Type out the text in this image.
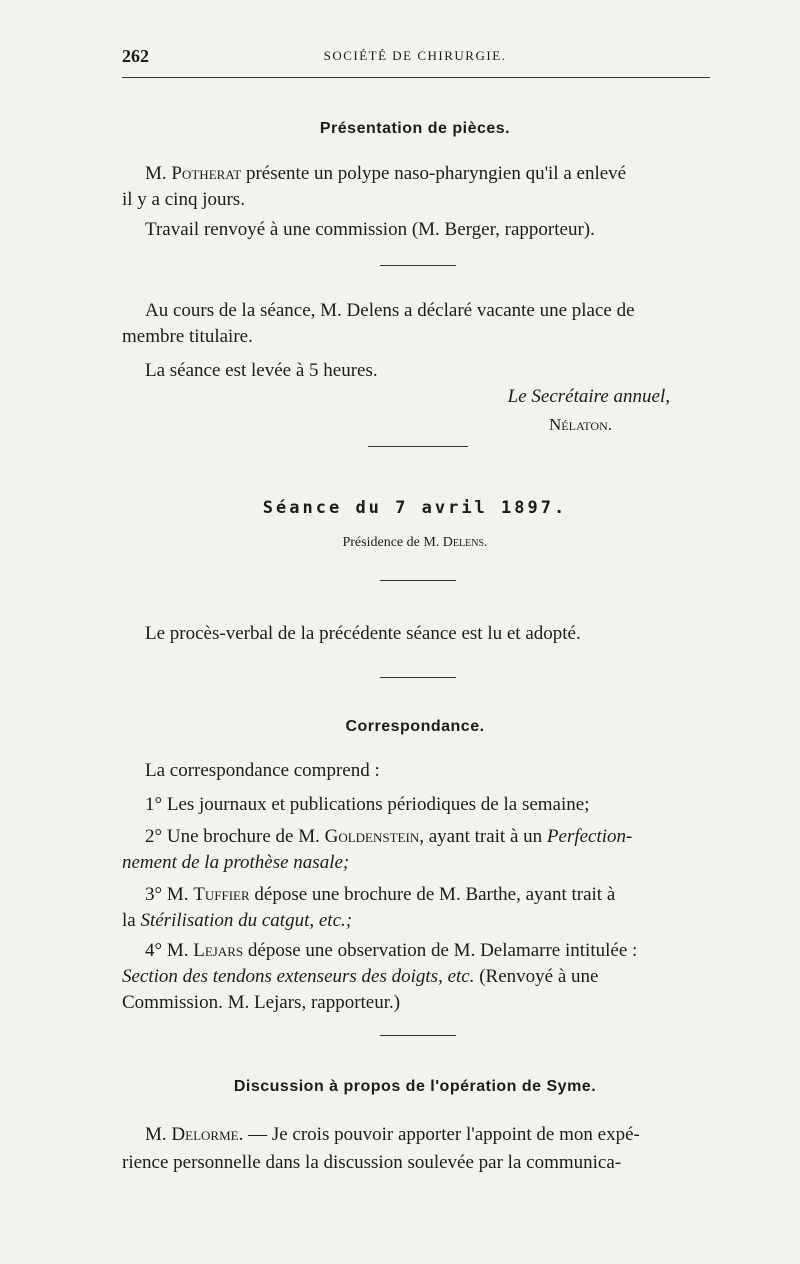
262	SOCIÉTÉ DE CHIRURGIE.
Présentation de pièces.
M. Potherat présente un polype naso-pharyngien qu'il a enlevé
il y a cinq jours.
Travail renvoyé à une commission (M. Berger, rapporteur).
Au cours de la séance, M. Delens a déclaré vacante une place de
membre titulaire.
La séance est levée à 5 heures.
Le Secrétaire annuel,
Nélaton.
Séance du 7 avril 1897.
Présidence de M. Delens.
Le procès-verbal de la précédente séance est lu et adopté.
Correspondance.
La correspondance comprend :
1° Les journaux et publications périodiques de la semaine;
2° Une brochure de M. Goldenstein, ayant trait à un Perfection-
nement de la prothèse nasale;
3° M. Tuffier dépose une brochure de M. Barthe, ayant trait à
la Stérilisation du catgut, etc.;
4° M. Lejars dépose une observation de M. Delamarre intitulée :
Section des tendons extenseurs des doigts, etc. (Renvoyé à une
Commission. M. Lejars, rapporteur.)
Discussion à propos de l'opération de Syme.
M. Delorme. — Je crois pouvoir apporter l'appoint de mon expé-
rience personnelle dans la discussion soulevée par la communica-
